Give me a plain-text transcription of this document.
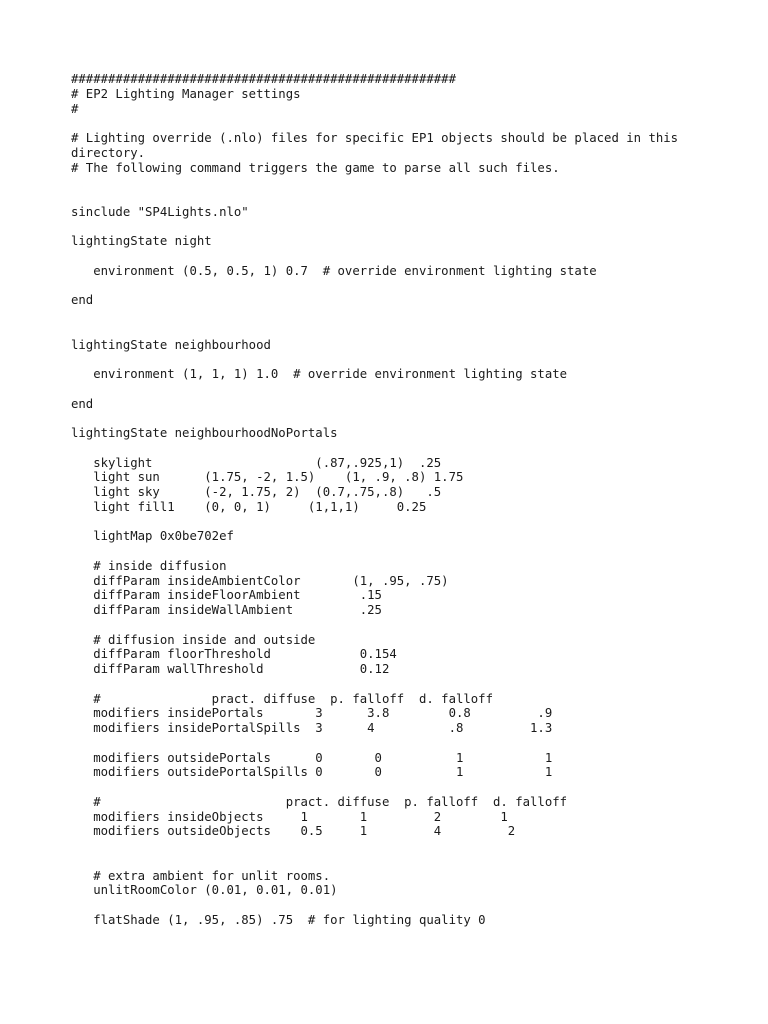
####################################################
# EP2 Lighting Manager settings
#
# Lighting override (.nlo) files for specific EP1 objects should be placed in this
directory.
# The following command triggers the game to parse all such files.
sinclude "SP4Lights.nlo"
lightingState night
environment (0.5, 0.5, 1) 0.7  # override environment lighting state
end
lightingState neighbourhood
environment (1, 1, 1) 1.0  # override environment lighting state
end
lightingState neighbourhoodNoPortals
skylight                      (.87,.925,1)  .25
light sun      (1.75, -2, 1.5)    (1, .9, .8) 1.75
light sky      (-2, 1.75, 2)  (0.7,.75,.8)   .5
light fill1    (0, 0, 1)     (1,1,1)     0.25
lightMap 0x0be702ef
# inside diffusion
diffParam insideAmbientColor       (1, .95, .75)
diffParam insideFloorAmbient        .15
diffParam insideWallAmbient         .25
# diffusion inside and outside
diffParam floorThreshold            0.154
diffParam wallThreshold             0.12
#               pract. diffuse  p. falloff  d. falloff
modifiers insidePortals       3      3.8        0.8         .9
modifiers insidePortalSpills  3      4          .8         1.3
modifiers outsidePortals      0       0          1           1
modifiers outsidePortalSpills 0       0          1           1
#                         pract. diffuse  p. falloff  d. falloff
modifiers insideObjects     1       1         2        1
modifiers outsideObjects    0.5     1         4         2
# extra ambient for unlit rooms.
unlitRoomColor (0.01, 0.01, 0.01)
flatShade (1, .95, .85) .75  # for lighting quality 0
